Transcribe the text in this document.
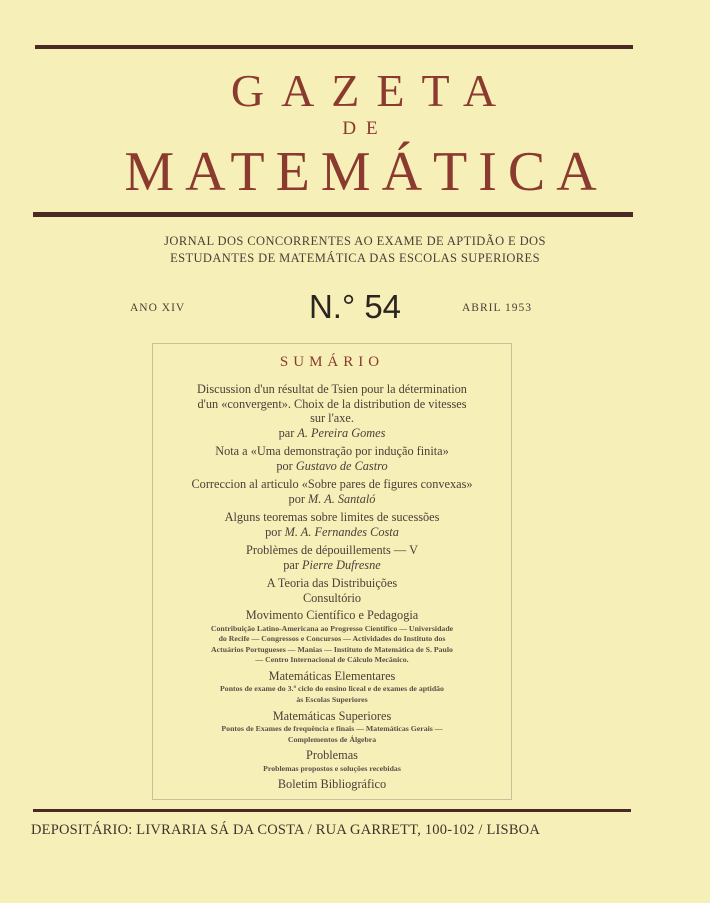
GAZETA
DE
MATEMÁTICA
JORNAL DOS CONCORRENTES AO EXAME DE APTIDÃO E DOS
ESTUDANTES DE MATEMÁTICA DAS ESCOLAS SUPERIORES
ANO XIV	N.° 54	ABRIL 1953
SUMÁRIO
Discussion d'un résultat de Tsien pour la détermination
d'un «convergent». Choix de la distribution de vitesses
sur l'axe.
par A. Pereira Gomes
Nota a «Uma demonstração por indução finita»
por Gustavo de Castro
Correccion al articulo «Sobre pares de figures convexas»
por M. A. Santaló
Alguns teoremas sobre limites de sucessões
por M. A. Fernandes Costa
Problèmes de dépouillements — V
par Pierre Dufresne
A Teoria das Distribuições
Consultório
Movimento Científico e Pedagogia
Contribuição Latino-Americana ao Progresso Científico — Universidade
do Recife — Congressos e Concursos — Actividades do Instituto dos
Actuários Portugueses — Manias — Instituto de Matemática de S. Paulo
— Centro Internacional de Cálculo Mecânico.
Matemáticas Elementares
Pontos de exame do 3.º ciclo do ensino liceal e de exames de aptidão
às Escolas Superiores
Matemáticas Superiores
Pontos de Exames de frequência e finais — Matemáticas Gerais —
Complementos de Álgebra
Problemas
Problemas propostos e soluções recebidas
Boletim Bibliográfico
DEPOSITÁRIO: LIVRARIA SÁ DA COSTA / RUA GARRETT, 100-102 / LISBOA
